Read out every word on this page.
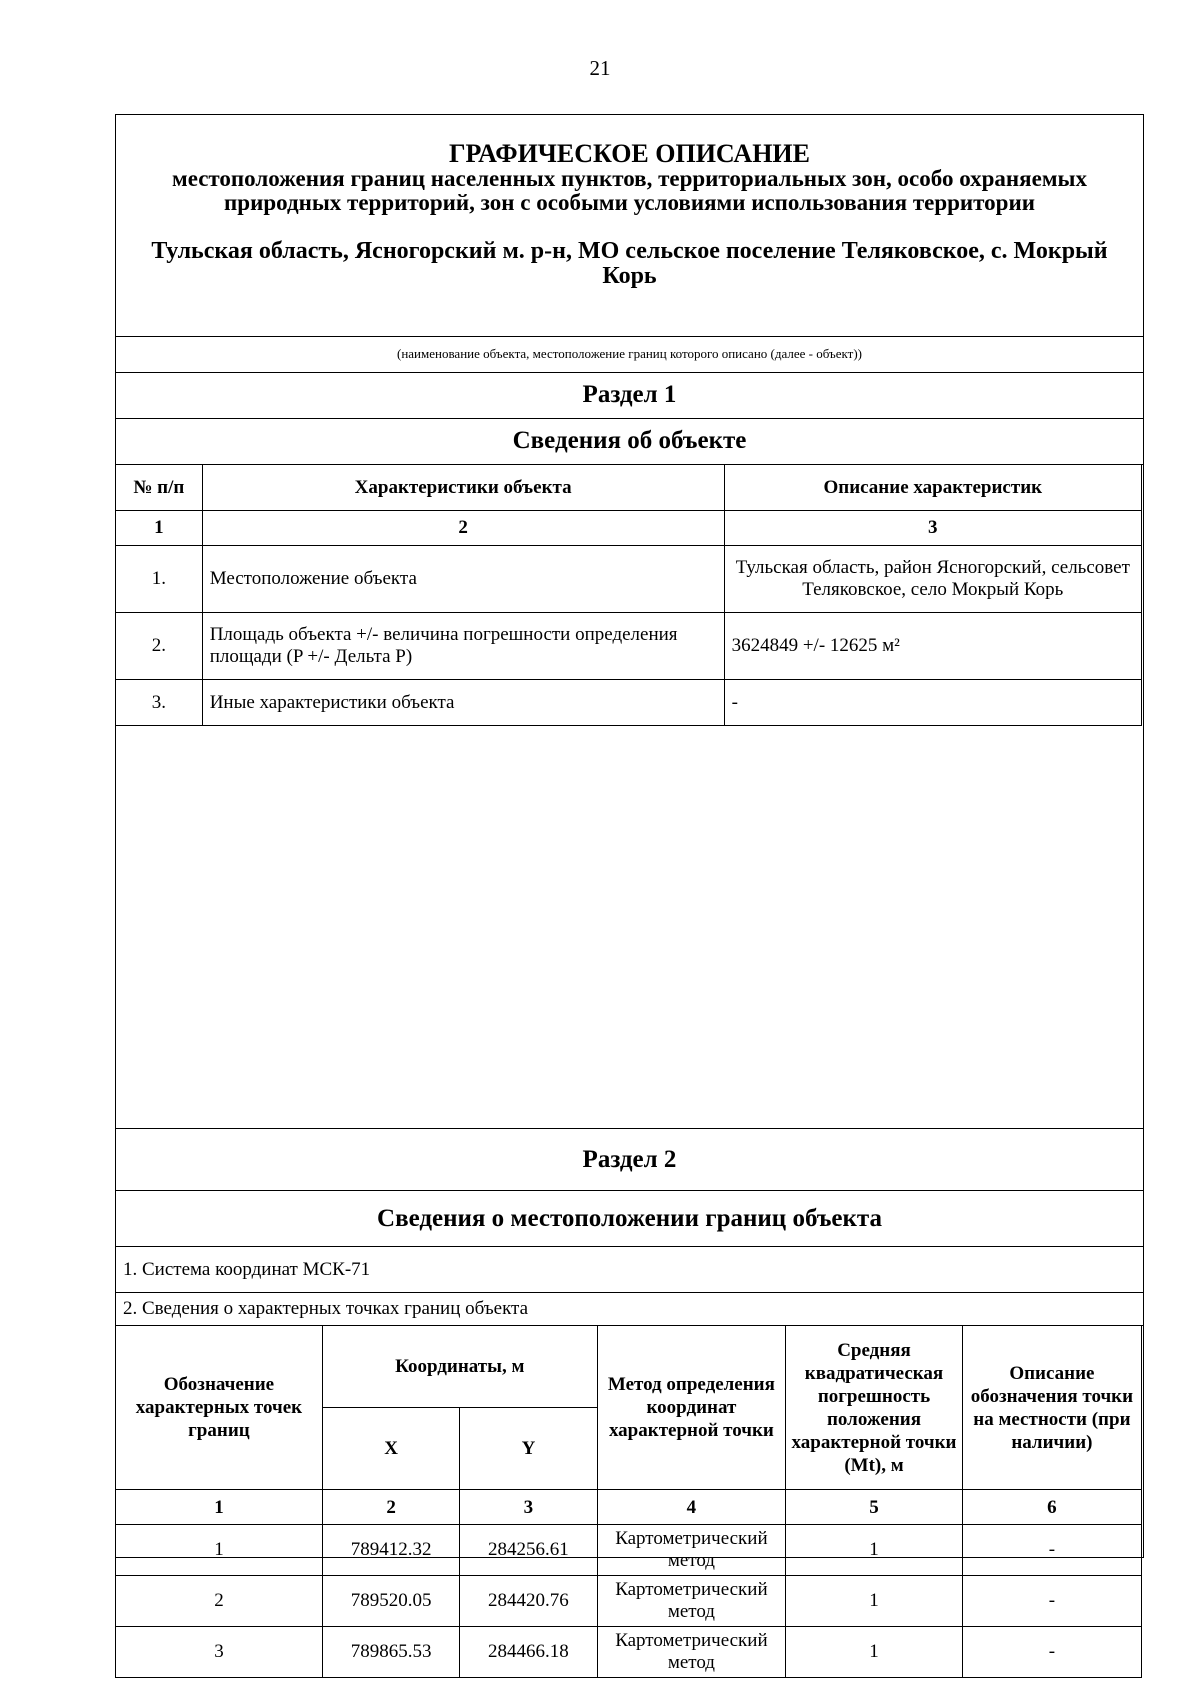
21
ГРАФИЧЕСКОЕ ОПИСАНИЕ
местоположения границ населенных пунктов, территориальных зон, особо охраняемых природных территорий, зон с особыми условиями использования территории
Тульская область, Ясногорский м. р-н, МО сельское поселение Теляковское, с. Мокрый Корь
(наименование объекта, местоположение границ которого описано (далее - объект))
Раздел 1
Сведения об объекте
№ п/п	Характеристики объекта	Описание характеристик
1	2	3
1.	Местоположение объекта	Тульская область, район Ясногорский, сельсовет Теляковское, село Мокрый Корь
2.	Площадь объекта +/- величина погрешности определения площади (P +/- Дельта P)	3624849 +/- 12625 м²
3.	Иные характеристики объекта	-
Раздел 2
Сведения о местоположении границ объекта
1. Система координат МСК-71
2. Сведения о характерных точках границ объекта
Обозначение характерных точек границ	Координаты, м		Метод определения координат характерной точки	Средняя квадратическая погрешность положения характерной точки (Mt), м	Описание обозначения точки на местности (при наличии)
	X	Y			
1	2	3	4	5	6
1	789412.32	284256.61	Картометрический метод	1	-
2	789520.05	284420.76	Картометрический метод	1	-
3	789865.53	284466.18	Картометрический метод	1	-
